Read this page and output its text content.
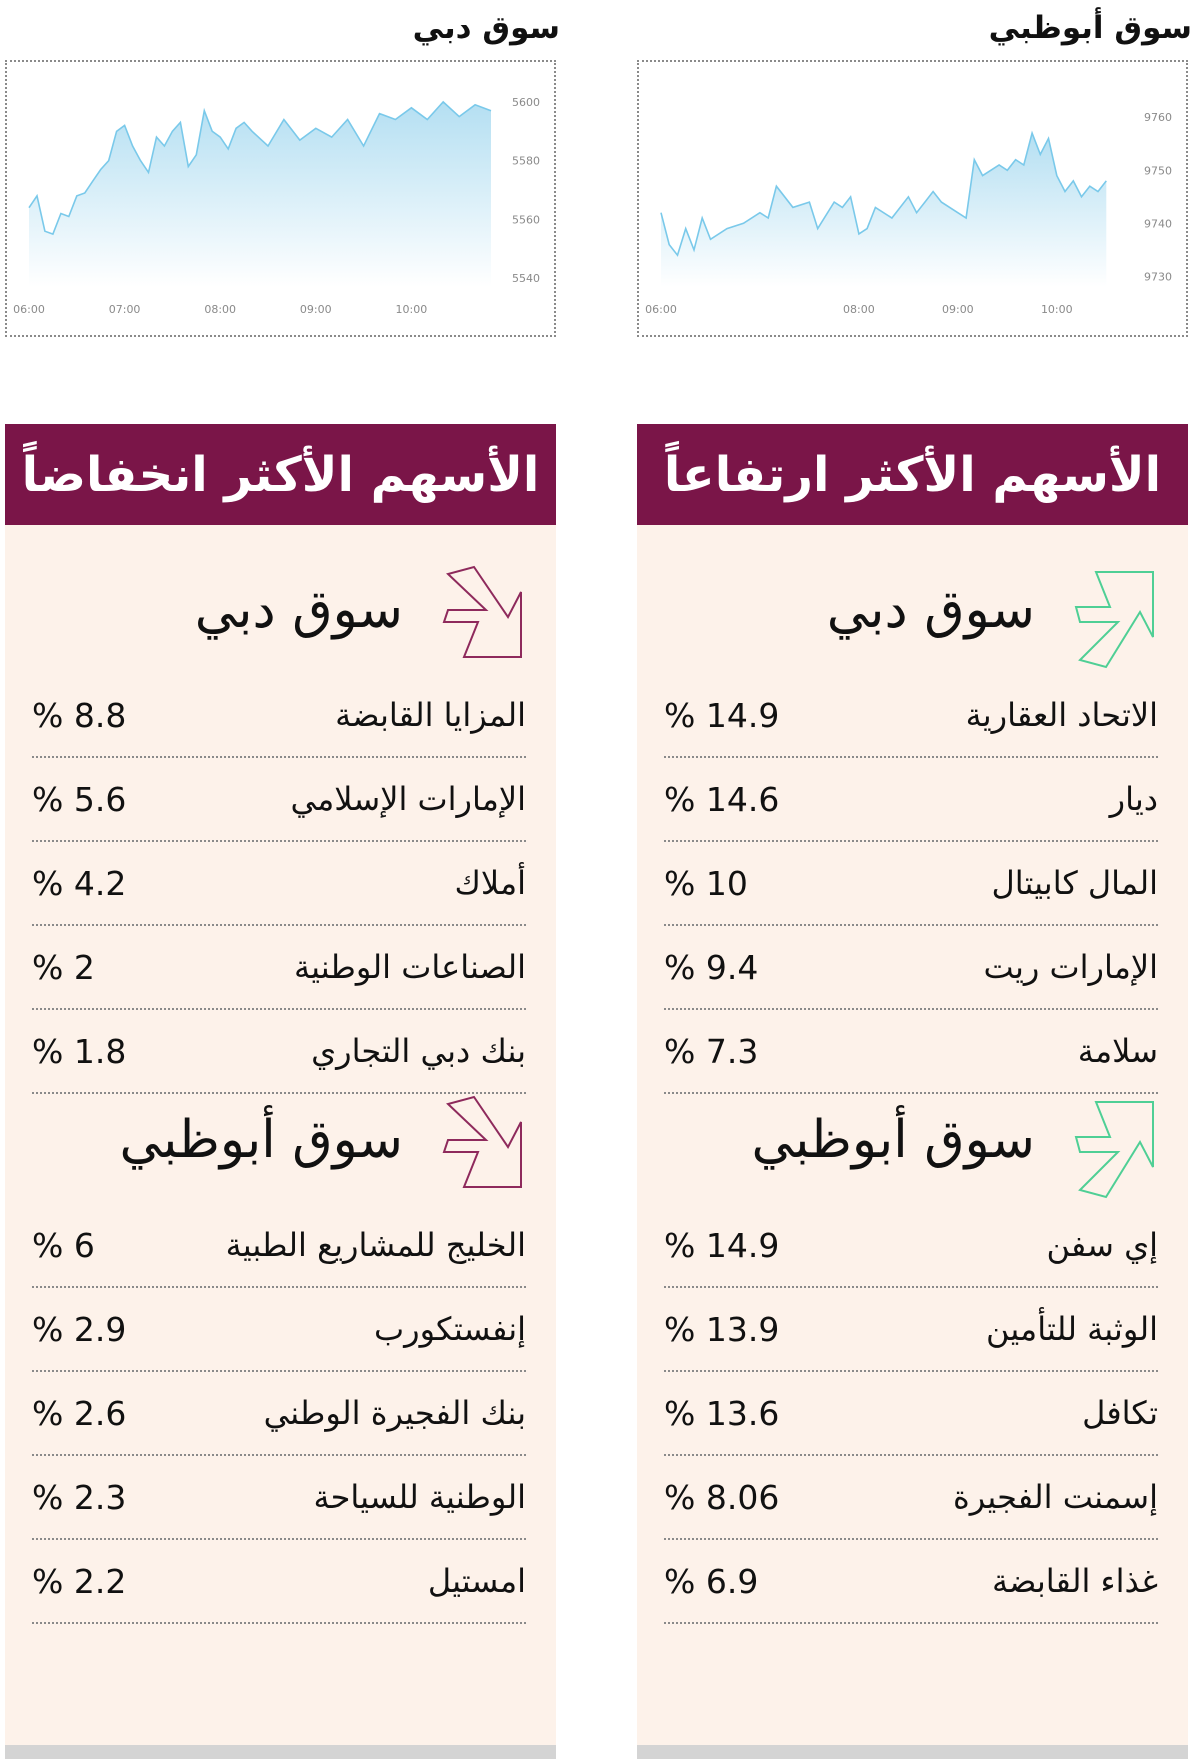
سوق أبوظبي
06:00	08:00	09:00	10:00
9730
9740
9750
9760
سوق دبي
06:00	07:00	08:00	09:00	10:00
5540
5560
5580
5600
الأسهم الأكثر ارتفاعاً
سوق دبي
الاتحاد العقارية
% 14.9
ديار
% 14.6
المال كابيتال
% 10
الإمارات ريت
% 9.4
سلامة
% 7.3
سوق أبوظبي
إي سفن
% 14.9
الوثبة للتأمين
% 13.9
تكافل
% 13.6
إسمنت الفجيرة
% 8.06
غذاء القابضة
% 6.9
الأسهم الأكثر انخفاضاً
سوق دبي
المزايا القابضة
% 8.8
الإمارات الإسلامي
% 5.6
أملاك
% 4.2
الصناعات الوطنية
% 2
بنك دبي التجاري
% 1.8
سوق أبوظبي
الخليج للمشاريع الطبية
% 6
إنفستكورب
% 2.9
بنك الفجيرة الوطني
% 2.6
الوطنية للسياحة
% 2.3
امستيل
% 2.2
